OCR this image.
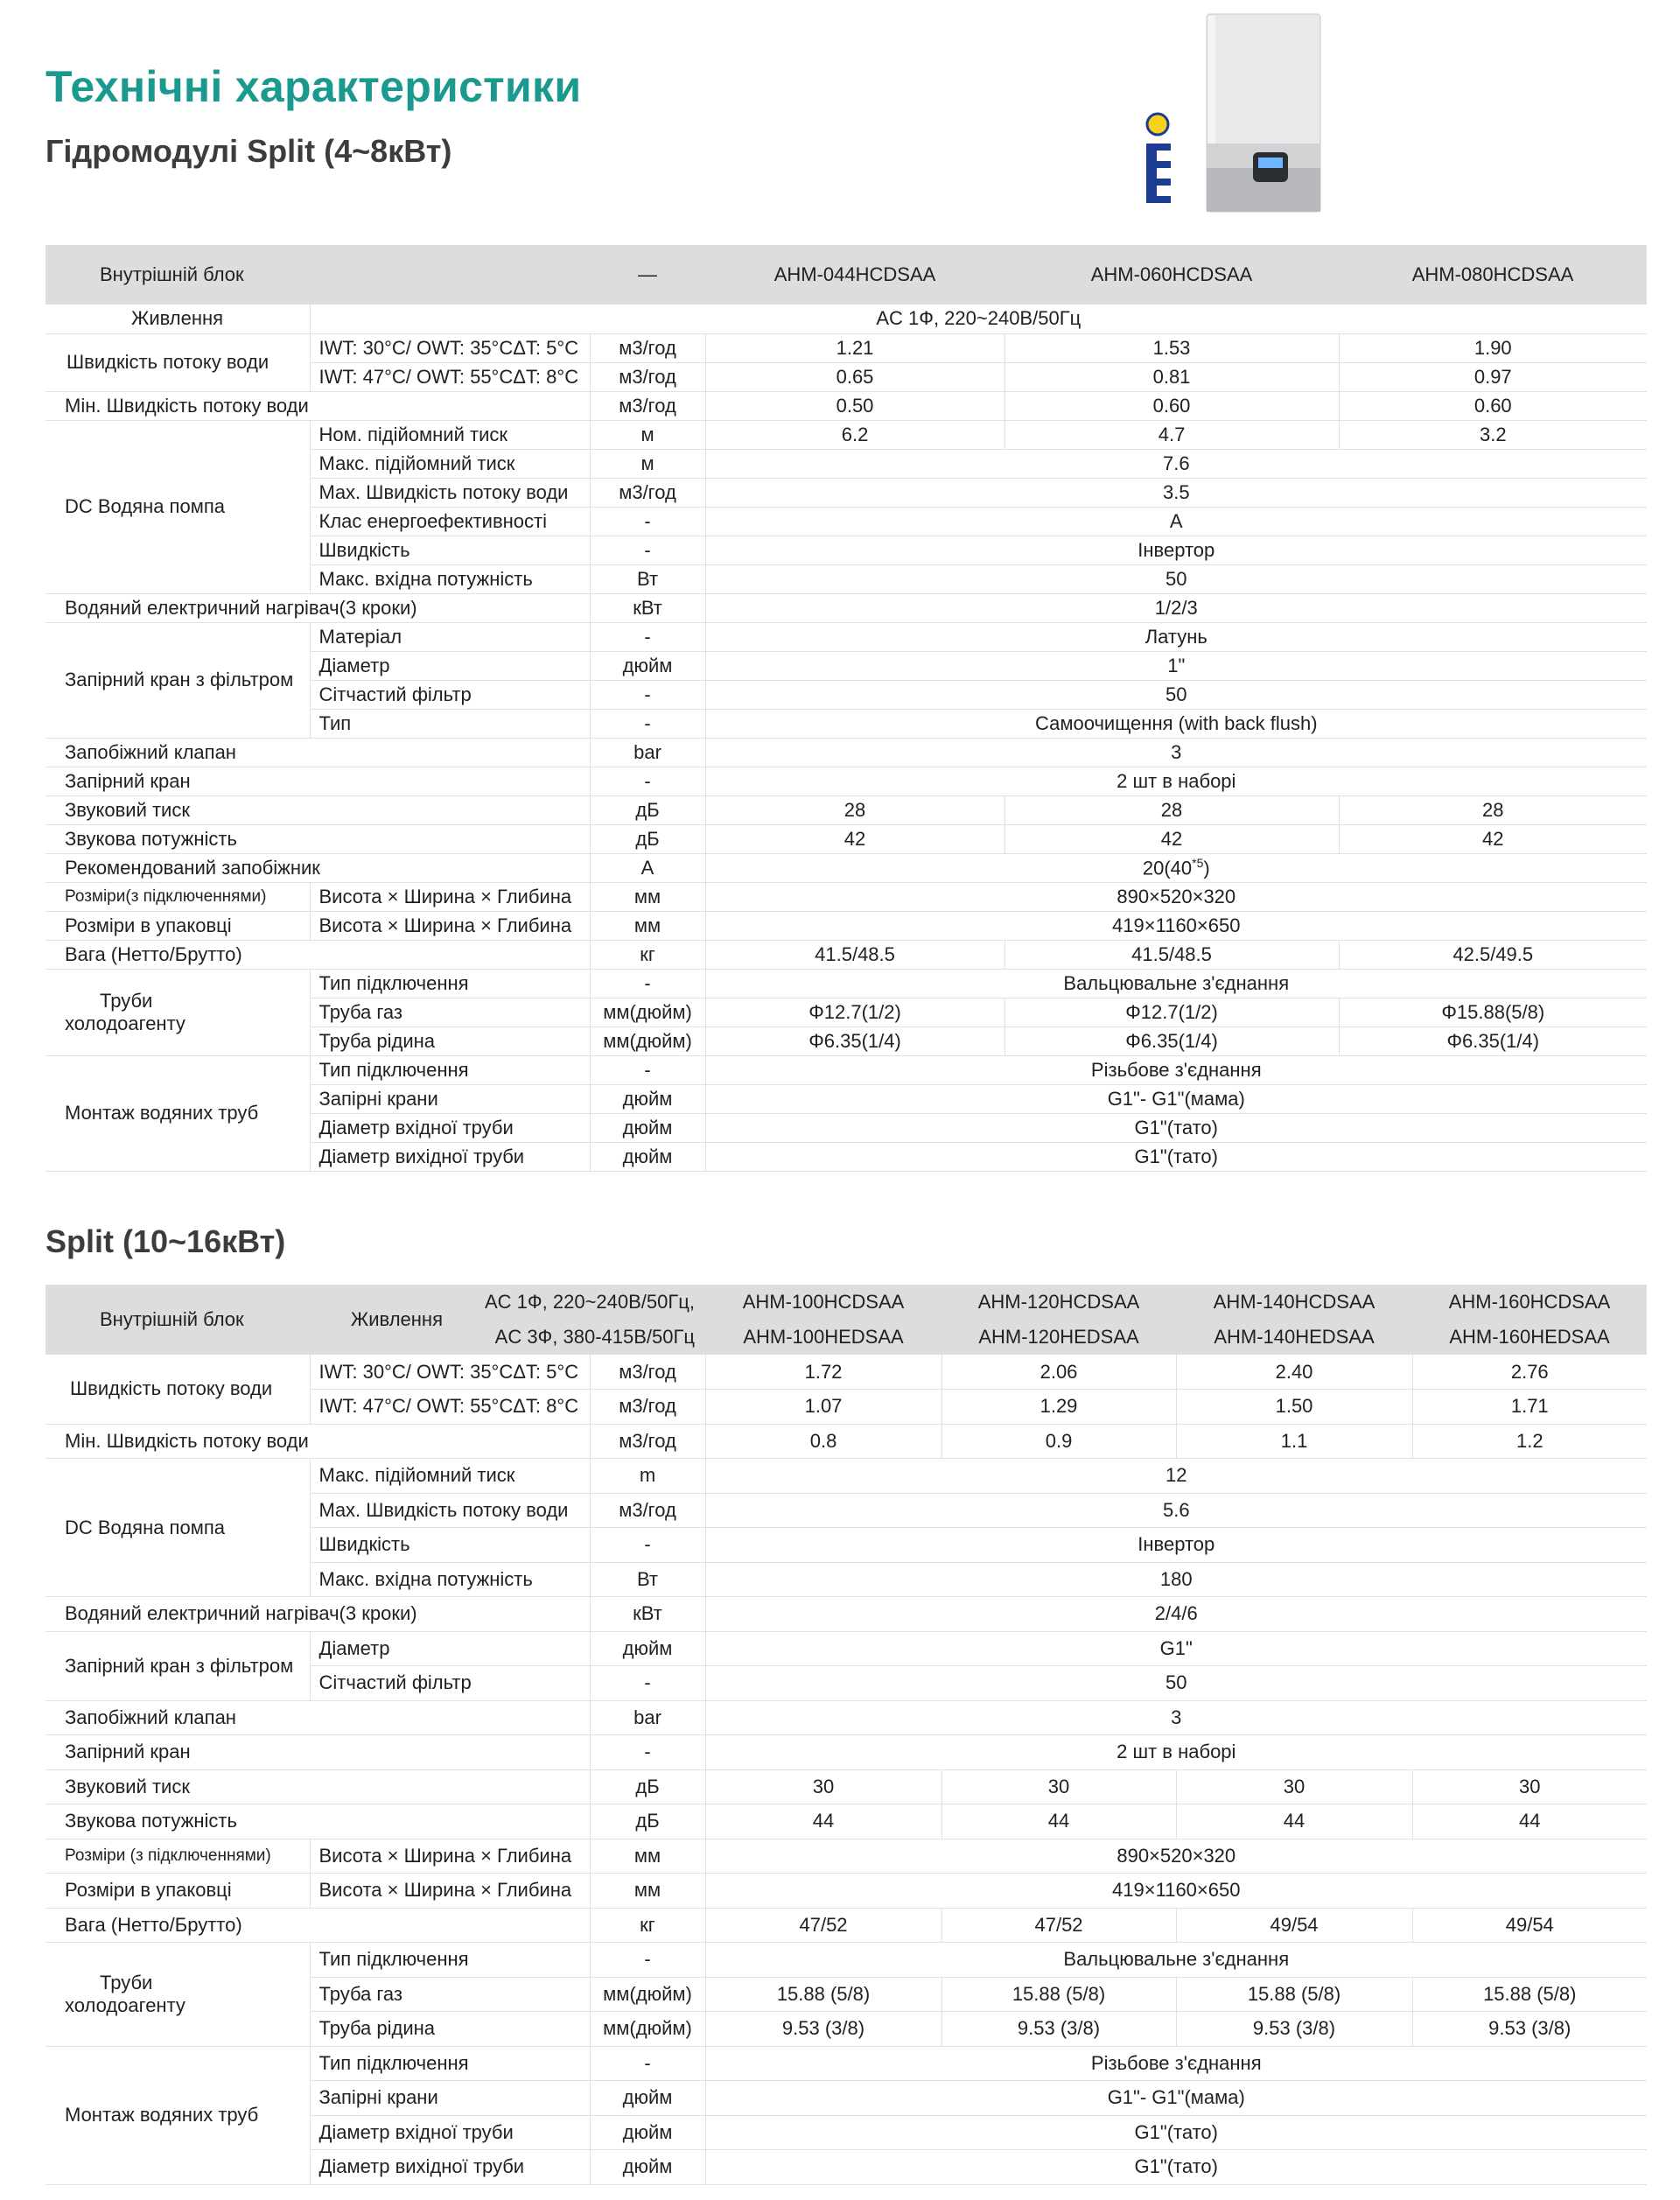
Технічні характеристики
Гідромодулі Split (4~8кВт)
Внутрішній блок		—	AHM-044HCDSAA	AHM-060HCDSAA	AHM-080HCDSAA
Живлення	AC 1Ф, 220~240В/50Гц				
Швидкість потоку води	IWT: 30°C/ OWT: 35°CΔT: 5°C	м3/год	1.21	1.53	1.90
	IWT: 47°C/ OWT: 55°CΔT: 8°C	м3/год	0.65	0.81	0.97
Мін. Швидкість потоку води		м3/год	0.50	0.60	0.60
DC Водяна помпа	Ном. підійомний тиск	м	6.2	4.7	3.2
	Макс. підійомний тиск	м	7.6		
	Max. Швидкість потоку води	м3/год	3.5		
	Клас енергоефективності	-	A		
	Швидкість	-	Інвертор		
	Макс. вхідна потужність	Вт	50		
Водяний електричний нагрівач(3 кроки)		кВт	1/2/3		
Запірний кран з фільтром	Матеріал	-	Латунь		
	Діаметр	дюйм	1"		
	Сітчастий фільтр	-	50		
	Тип	-	Самоочищення (with back flush)		
Запобіжний клапан		bar	3		
Запірний кран		-	2 шт в наборі		
Звуковий тиск		дБ	28	28	28
Звукова потужність		дБ	42	42	42
Рекомендований запобіжник		A	20(40$^{*5}$)		
Розміри(з підключеннями)	Висота × Ширина × Глибина	мм	890×520×320		
Розміри в упаковці	Висота × Ширина × Глибина	мм	419×1160×650		
Вага (Нетто/Брутто)		кг	41.5/48.5	41.5/48.5	42.5/49.5

Труби
холодоагенту	Тип підключення	-	Вальцювальне з'єднання		
	Труба газ	мм(дюйм)	Φ12.7(1/2)	Φ12.7(1/2)	Φ15.88(5/8)
	Труба рідина	мм(дюйм)	Φ6.35(1/4)	Φ6.35(1/4)	Φ6.35(1/4)
Монтаж водяних труб	Тип підключення	-	Різьбове з'єднання		
	Запірні крани	дюйм	G1"- G1"(мама)		
	Діаметр вхідної труби	дюйм	G1"(тато)		
	Діаметр вихідної труби	дюйм	G1"(тато)		
Split (10~16кВт)
Внутрішній блок	Живлення	AC 1Ф, 220~240В/50Гц,		AHM-100HCDSAA	AHM-120HCDSAA	AHM-140HCDSAA	AHM-160HCDSAA
		AC 3Ф, 380-415В/50Гц		AHM-100HEDSAA	AHM-120HEDSAA	AHM-140HEDSAA	AHM-160HEDSAA
Швидкість потоку води	IWT: 30°C/ OWT: 35°CΔT: 5°C		м3/год	1.72	2.06	2.40	2.76
	IWT: 47°C/ OWT: 55°CΔT: 8°C		м3/год	1.07	1.29	1.50	1.71
Мін. Швидкість потоку води			м3/год	0.8	0.9	1.1	1.2
DC Водяна помпа	Макс. підійомний тиск		m	12			
	Max. Швидкість потоку води		м3/год	5.6			
	Швидкість		-	Інвертор			
	Макс. вхідна потужність		Вт	180			
Водяний електричний нагрівач(3 кроки)			кВт	2/4/6			
Запірний кран з фільтром	Діаметр		дюйм	G1"			
	Сітчастий фільтр		-	50			
Запобіжний клапан			bar	3			
Запірний кран			-	2 шт в наборі			
Звуковий тиск			дБ	30	30	30	30
Звукова потужність			дБ	44	44	44	44
Розміри (з підключеннями)	Висота × Ширина × Глибина		мм	890×520×320			
Розміри в упаковці	Висота × Ширина × Глибина		мм	419×1160×650			
Вага (Нетто/Брутто)			кг	47/52	47/52	49/54	49/54

Труби
холодоагенту	Тип підключення		-	Вальцювальне з'єднання			
	Труба газ		мм(дюйм)	15.88 (5/8)	15.88 (5/8)	15.88 (5/8)	15.88 (5/8)
	Труба рідина		мм(дюйм)	9.53 (3/8)	9.53 (3/8)	9.53 (3/8)	9.53 (3/8)
Монтаж водяних труб	Тип підключення		-	Різьбове з'єднання			
	Запірні крани		дюйм	G1"- G1"(мама)			
	Діаметр вхідної труби		дюйм	G1"(тато)			
	Діаметр вихідної труби		дюйм	G1"(тато)			
